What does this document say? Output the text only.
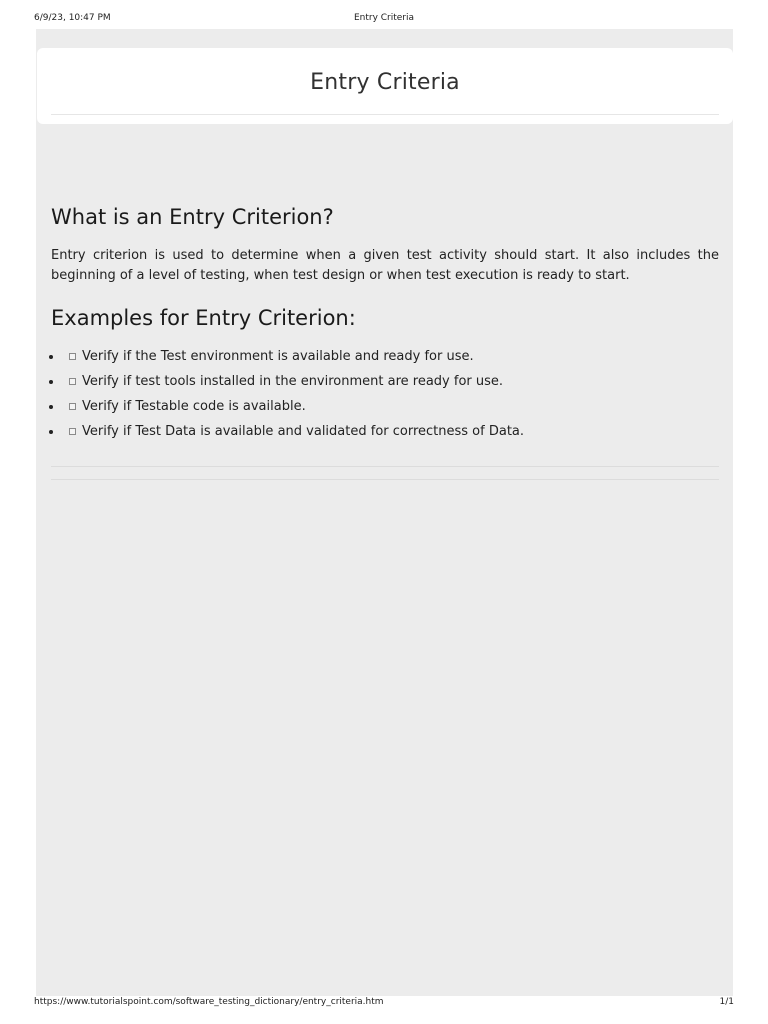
6/9/23, 10:47 PM	Entry Criteria
Entry Criteria
What is an Entry Criterion?

Entry criterion is used to determine when a given test activity should start. It also includes the beginning of a level of testing, when test design or when test execution is ready to start.

Examples for Entry Criterion:
Verify if the Test environment is available and ready for use.
Verify if test tools installed in the environment are ready for use.
Verify if Testable code is available.
Verify if Test Data is available and validated for correctness of Data.
https://www.tutorialspoint.com/software_testing_dictionary/entry_criteria.htm	1/1
